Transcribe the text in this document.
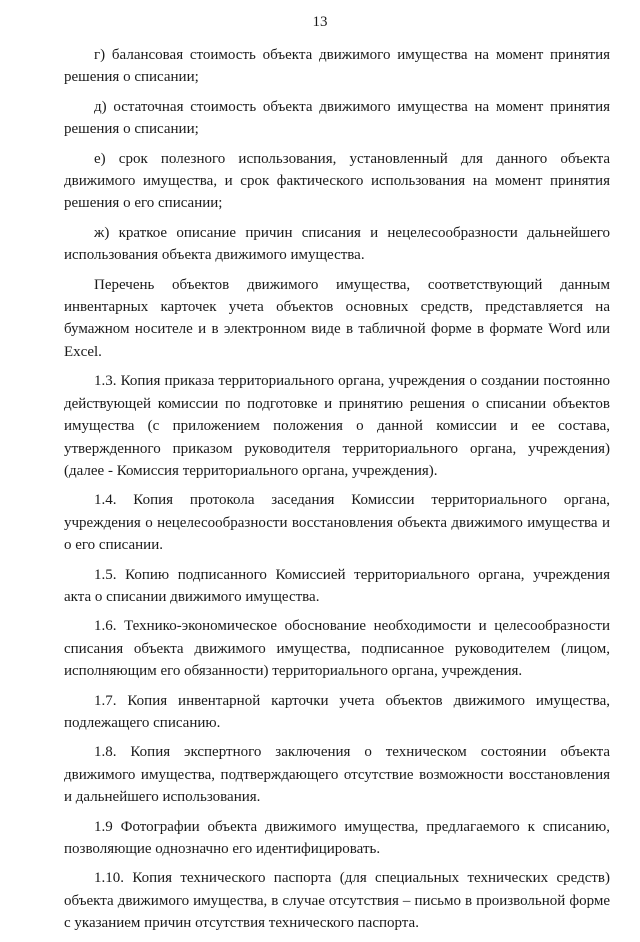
13

г) балансовая стоимость объекта движимого имущества на момент принятия решения о списании;

д) остаточная стоимость объекта движимого имущества на момент принятия решения о списании;

е) срок полезного использования, установленный для данного объекта движимого имущества, и срок фактического использования на момент принятия решения о его списании;

ж) краткое описание причин списания и нецелесообразности дальнейшего использования объекта движимого имущества.

Перечень объектов движимого имущества, соответствующий данным инвентарных карточек учета объектов основных средств, представляется на бумажном носителе и в электронном виде в табличной форме в формате Word или Excel.

1.3. Копия приказа территориального органа, учреждения о создании постоянно действующей комиссии по подготовке и принятию решения о списании объектов имущества (с приложением положения о данной комиссии и ее состава, утвержденного приказом руководителя территориального органа, учреждения) (далее - Комиссия территориального органа, учреждения).

1.4. Копия протокола заседания Комиссии территориального органа, учреждения о нецелесообразности восстановления объекта движимого имущества и о его списании.

1.5. Копию подписанного Комиссией территориального органа, учреждения акта о списании движимого имущества.

1.6. Технико-экономическое обоснование необходимости и целесообразности списания объекта движимого имущества, подписанное руководителем (лицом, исполняющим его обязанности) территориального органа, учреждения.

1.7. Копия инвентарной карточки учета объектов движимого имущества, подлежащего списанию.

1.8. Копия экспертного заключения о техническом состоянии объекта движимого имущества, подтверждающего отсутствие возможности восстановления и дальнейшего использования.

1.9 Фотографии объекта движимого имущества, предлагаемого к списанию, позволяющие однозначно его идентифицировать.

1.10. Копия технического паспорта (для специальных технических средств) объекта движимого имущества, в случае отсутствия – письмо в произвольной форме с указанием причин отсутствия технического паспорта.
